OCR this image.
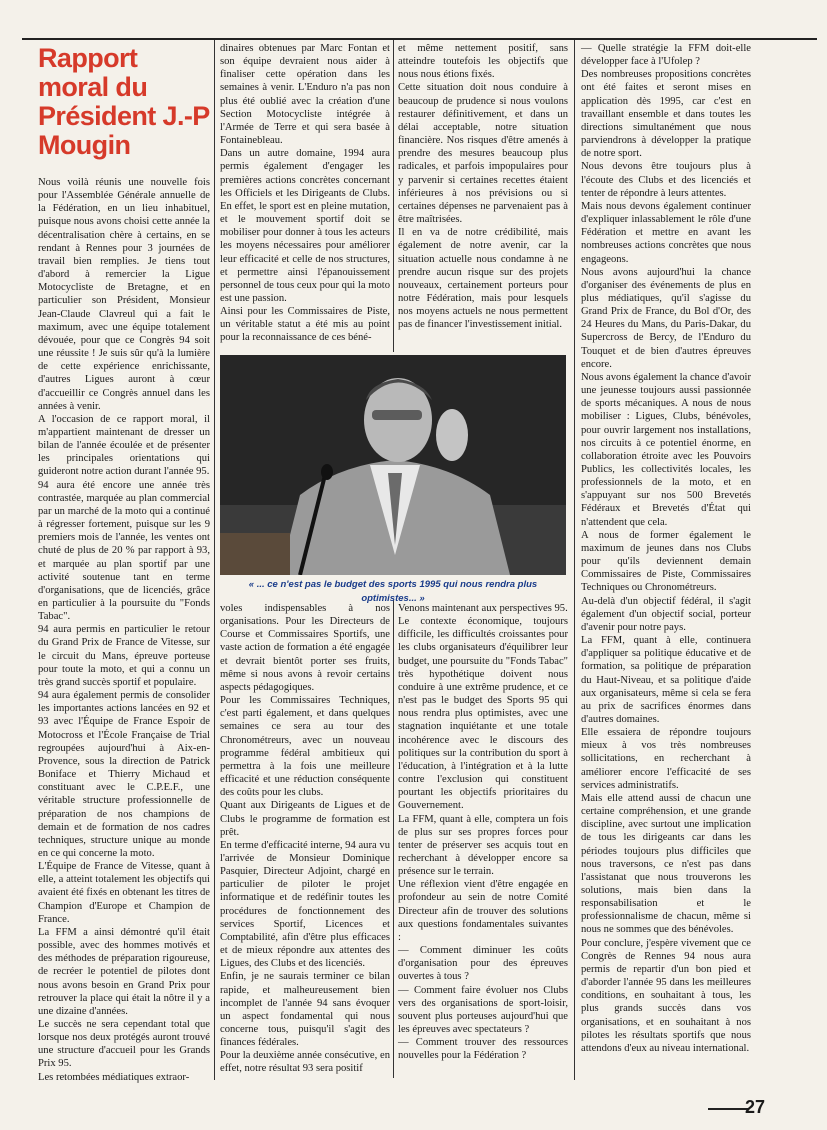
Rapport moral du Président J.-P Mougin

Nous voilà réunis une nouvelle fois pour l'Assemblée Générale annuelle de la Fédération, en un lieu inhabituel, puisque nous avons choisi cette année la décentralisation chère à certains, en se rendant à Rennes pour 3 journées de travail bien remplies. Je tiens tout d'abord à remercier la Ligue Motocycliste de Bretagne, et en particulier son Président, Monsieur Jean-Claude Clavreul qui a fait le maximum, avec une équipe totalement dévouée, pour que ce Congrès 94 soit une réussite ! Je suis sûr qu'à la lumière de cette expérience enrichissante, d'autres Ligues auront à cœur d'accueillir ce Congrès annuel dans les années à venir.

A l'occasion de ce rapport moral, il m'appartient maintenant de dresser un bilan de l'année écoulée et de présenter les principales orientations qui guideront notre action durant l'année 95.

94 aura été encore une année très contrastée, marquée au plan commercial par un marché de la moto qui a continué à régresser fortement, puisque sur les 9 premiers mois de l'année, les ventes ont chuté de plus de 20 % par rapport à 93, et marquée au plan sportif par une activité soutenue tant en terme d'organisations, que de licenciés, grâce en particulier à la poursuite du "Fonds Tabac".

94 aura permis en particulier le retour du Grand Prix de France de Vitesse, sur le circuit du Mans, épreuve porteuse pour toute la moto, et qui a connu un très grand succès sportif et populaire.

94 aura également permis de consolider les importantes actions lancées en 92 et 93 avec l'Équipe de France Espoir de Motocross et l'École Française de Trial regroupées aujourd'hui à Aix-en-Provence, sous la direction de Patrick Boniface et Thierry Michaud et constituant avec le C.P.E.F., une véritable structure professionnelle de préparation de nos champions de demain et de formation de nos cadres techniques, structure unique au monde en ce qui concerne la moto.

L'Équipe de France de Vitesse, quant à elle, a atteint totalement les objectifs qui avaient été fixés en obtenant les titres de Champion d'Europe et Champion de France.

La FFM a ainsi démontré qu'il était possible, avec des hommes motivés et des méthodes de préparation rigoureuse, de recréer le potentiel de pilotes dont nous avons besoin en Grand Prix pour retrouver la place qui était la nôtre il y a une dizaine d'années.

Le succès ne sera cependant total que lorsque nos deux protégés auront trouvé une structure d'accueil pour les Grands Prix 95.

Les retombées médiatiques extraor-

dinaires obtenues par Marc Fontan et son équipe devraient nous aider à finaliser cette opération dans les semaines à venir. L'Enduro n'a pas non plus été oublié avec la création d'une Section Motocycliste intégrée à l'Armée de Terre et qui sera basée à Fontainebleau.

Dans un autre domaine, 1994 aura permis également d'engager les premières actions concrètes concernant les Officiels et les Dirigeants de Clubs. En effet, le sport est en pleine mutation, et le mouvement sportif doit se mobiliser pour donner à tous les acteurs les moyens nécessaires pour améliorer leur efficacité et celle de nos structures, et permettre ainsi l'épanouissement personnel de tous ceux pour qui la moto est une passion.

Ainsi pour les Commissaires de Piste, un véritable statut a été mis au point pour la reconnaissance de ces béné-

et même nettement positif, sans atteindre toutefois les objectifs que nous nous étions fixés.

Cette situation doit nous conduire à beaucoup de prudence si nous voulons restaurer définitivement, et dans un délai acceptable, notre situation financière. Nos risques d'être amenés à prendre des mesures beaucoup plus radicales, et parfois impopulaires pour y parvenir si certaines recettes étaient inférieures à nos prévisions ou si certaines dépenses ne parvenaient pas à être maîtrisées.

Il en va de notre crédibilité, mais également de notre avenir, car la situation actuelle nous condamne à ne prendre aucun risque sur des projets nouveaux, certainement porteurs pour notre Fédération, mais pour lesquels nos moyens actuels ne nous permettent pas de financer l'investissement initial.

« ... ce n'est pas le budget des sports 1995 qui nous rendra plus optimistes... »

voles indispensables à nos organisations. Pour les Directeurs de Course et Commissaires Sportifs, une vaste action de formation a été engagée et devrait bientôt porter ses fruits, même si nous avons à revoir certains aspects pédagogiques.

Pour les Commissaires Techniques, c'est parti également, et dans quelques semaines ce sera au tour des Chronométreurs, avec un nouveau programme fédéral ambitieux qui permettra à la fois une meilleure efficacité et une réduction conséquente des coûts pour les clubs.

Quant aux Dirigeants de Ligues et de Clubs le programme de formation est prêt.

En terme d'efficacité interne, 94 aura vu l'arrivée de Monsieur Dominique Pasquier, Directeur Adjoint, chargé en particulier de piloter le projet informatique et de redéfinir toutes les procédures de fonctionnement des services Sportif, Licences et Comptabilité, afin d'être plus efficaces et de mieux répondre aux attentes des Ligues, des Clubs et des licenciés.

Enfin, je ne saurais terminer ce bilan rapide, et malheureusement bien incomplet de l'année 94 sans évoquer un aspect fondamental qui nous concerne tous, puisqu'il s'agit des finances fédérales.

Pour la deuxième année consécutive, en effet, notre résultat 93 sera positif

Venons maintenant aux perspectives 95.

Le contexte économique, toujours difficile, les difficultés croissantes pour les clubs organisateurs d'équilibrer leur budget, une poursuite du "Fonds Tabac" très hypothétique doivent nous conduire à une extrême prudence, et ce n'est pas le budget des Sports 95 qui nous rendra plus optimistes, avec une stagnation inquiétante et une totale incohérence avec le discours des politiques sur la contribution du sport à l'éducation, à l'intégration et à la lutte contre l'exclusion qui constituent pourtant les objectifs prioritaires du Gouvernement.

La FFM, quant à elle, comptera un fois de plus sur ses propres forces pour tenter de préserver ses acquis tout en recherchant à développer encore sa présence sur le terrain.

Une réflexion vient d'être engagée en profondeur au sein de notre Comité Directeur afin de trouver des solutions aux questions fondamentales suivantes :

— Comment diminuer les coûts d'organisation pour des épreuves ouvertes à tous ?

— Comment faire évoluer nos Clubs vers des organisations de sport-loisir, souvent plus porteuses aujourd'hui que les épreuves avec spectateurs ?

— Comment trouver des ressources nouvelles pour la Fédération ?

— Quelle stratégie la FFM doit-elle développer face à l'Ufolep ?

Des nombreuses propositions concrètes ont été faites et seront mises en application dès 1995, car c'est en travaillant ensemble et dans toutes les directions simultanément que nous parviendrons à développer la pratique de notre sport.

Nous devons être toujours plus à l'écoute des Clubs et des licenciés et tenter de répondre à leurs attentes.

Mais nous devons également continuer d'expliquer inlassablement le rôle d'une Fédération et mettre en avant les nombreuses actions concrètes que nous engageons.

Nous avons aujourd'hui la chance d'organiser des événements de plus en plus médiatiques, qu'il s'agisse du Grand Prix de France, du Bol d'Or, des 24 Heures du Mans, du Paris-Dakar, du Supercross de Bercy, de l'Enduro du Touquet et de bien d'autres épreuves encore.

Nous avons également la chance d'avoir une jeunesse toujours aussi passionnée de sports mécaniques. A nous de nous mobiliser : Ligues, Clubs, bénévoles, pour ouvrir largement nos installations, nos circuits à ce potentiel énorme, en collaboration étroite avec les Pouvoirs Publics, les collectivités locales, les professionnels de la moto, et en s'appuyant sur nos 500 Brevetés Fédéraux et Brevetés d'État qui n'attendent que cela.

A nous de former également le maximum de jeunes dans nos Clubs pour qu'ils deviennent demain Commissaires de Piste, Commissaires Techniques ou Chronométreurs.

Au-delà d'un objectif fédéral, il s'agit également d'un objectif social, porteur d'avenir pour notre pays.

La FFM, quant à elle, continuera d'appliquer sa politique éducative et de formation, sa politique de préparation du Haut-Niveau, et sa politique d'aide aux organisateurs, même si cela se fera au prix de sacrifices énormes dans d'autres domaines.

Elle essaiera de répondre toujours mieux à vos très nombreuses sollicitations, en recherchant à améliorer encore l'efficacité de ses services administratifs.

Mais elle attend aussi de chacun une certaine compréhension, et une grande discipline, avec surtout une implication de tous les dirigeants car dans les périodes toujours plus difficiles que nous traversons, ce n'est pas dans l'assistanat que nous trouverons les solutions, mais bien dans la responsabilisation et le professionnalisme de chacun, même si nous ne sommes que des bénévoles.

Pour conclure, j'espère vivement que ce Congrès de Rennes 94 nous aura permis de repartir d'un bon pied et d'aborder l'année 95 dans les meilleures conditions, en souhaitant à tous, les plus grands succès dans vos organisations, et en souhaitant à nos pilotes les résultats sportifs que nous attendons d'eux au niveau international.

27
